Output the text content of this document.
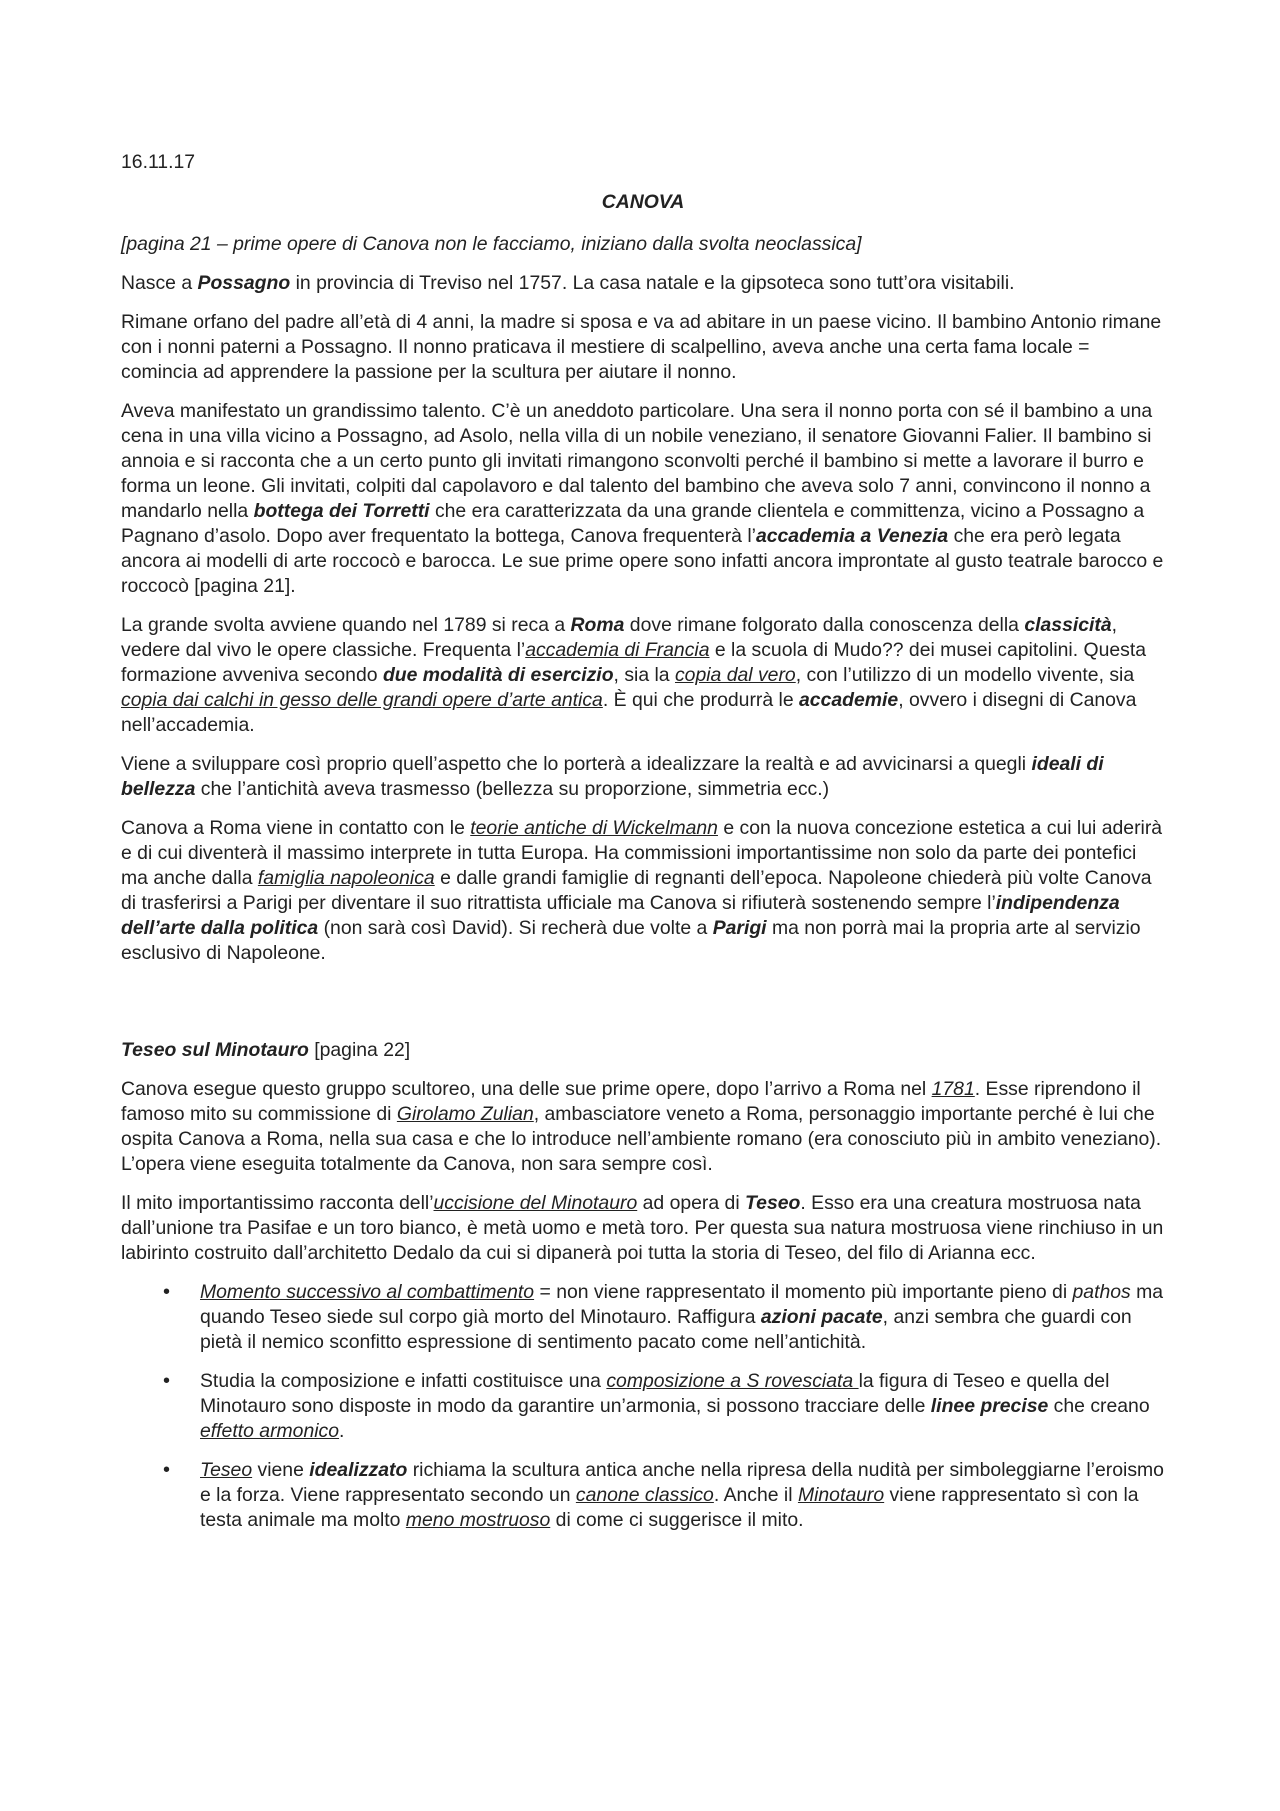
16.11.17
CANOVA

[pagina 21 – prime opere di Canova non le facciamo, iniziano dalla svolta neoclassica]

Nasce a Possagno in provincia di Treviso nel 1757. La casa natale e la gipsoteca sono tutt’ora visitabili.

Rimane orfano del padre all’età di 4 anni, la madre si sposa e va ad abitare in un paese vicino. Il bambino Antonio rimane con i nonni paterni a Possagno. Il nonno praticava il mestiere di scalpellino, aveva anche una certa fama locale = comincia ad apprendere la passione per la scultura per aiutare il nonno.

Aveva manifestato un grandissimo talento. C’è un aneddoto particolare. Una sera il nonno porta con sé il bambino a una cena in una villa vicino a Possagno, ad Asolo, nella villa di un nobile veneziano, il senatore Giovanni Falier. Il bambino si annoia e si racconta che a un certo punto gli invitati rimangono sconvolti perché il bambino si mette a lavorare il burro e forma un leone. Gli invitati, colpiti dal capolavoro e dal talento del bambino che aveva solo 7 anni, convincono il nonno a mandarlo nella bottega dei Torretti che era caratterizzata da una grande clientela e committenza, vicino a Possagno a Pagnano d’asolo. Dopo aver frequentato la bottega, Canova frequenterà l’accademia a Venezia che era però legata ancora ai modelli di arte roccocò e barocca. Le sue prime opere sono infatti ancora improntate al gusto teatrale barocco e roccocò [pagina 21].

La grande svolta avviene quando nel 1789 si reca a Roma dove rimane folgorato dalla conoscenza della classicità, vedere dal vivo le opere classiche. Frequenta l’accademia di Francia e la scuola di Mudo?? dei musei capitolini. Questa formazione avveniva secondo due modalità di esercizio, sia la copia dal vero, con l’utilizzo di un modello vivente, sia copia dai calchi in gesso delle grandi opere d’arte antica. È qui che produrrà le accademie, ovvero i disegni di Canova nell’accademia.

Viene a sviluppare così proprio quell’aspetto che lo porterà a idealizzare la realtà e ad avvicinarsi a quegli ideali di bellezza che l’antichità aveva trasmesso (bellezza su proporzione, simmetria ecc.)

Canova a Roma viene in contatto con le teorie antiche di Wickelmann e con la nuova concezione estetica a cui lui aderirà e di cui diventerà il massimo interprete in tutta Europa. Ha commissioni importantissime non solo da parte dei pontefici ma anche dalla famiglia napoleonica e dalle grandi famiglie di regnanti dell’epoca. Napoleone chiederà più volte Canova di trasferirsi a Parigi per diventare il suo ritrattista ufficiale ma Canova si rifiuterà sostenendo sempre l’indipendenza dell’arte dalla politica (non sarà così David). Si recherà due volte a Parigi ma non porrà mai la propria arte al servizio esclusivo di Napoleone.

Teseo sul Minotauro [pagina 22]

Canova esegue questo gruppo scultoreo, una delle sue prime opere, dopo l’arrivo a Roma nel 1781. Esse riprendono il famoso mito su commissione di Girolamo Zulian, ambasciatore veneto a Roma, personaggio importante perché è lui che ospita Canova a Roma, nella sua casa e che lo introduce nell’ambiente romano (era conosciuto più in ambito veneziano). L’opera viene eseguita totalmente da Canova, non sara sempre così.

Il mito importantissimo racconta dell’uccisione del Minotauro ad opera di Teseo. Esso era una creatura mostruosa nata dall’unione tra Pasifae e un toro bianco, è metà uomo e metà toro. Per questa sua natura mostruosa viene rinchiuso in un labirinto costruito dall’architetto Dedalo da cui si dipanerà poi tutta la storia di Teseo, del filo di Arianna ecc.

• Momento successivo al combattimento = non viene rappresentato il momento più importante pieno di pathos ma quando Teseo siede sul corpo già morto del Minotauro. Raffigura azioni pacate, anzi sembra che guardi con pietà il nemico sconfitto espressione di sentimento pacato come nell’antichità.
• Studia la composizione e infatti costituisce una composizione a S rovesciata la figura di Teseo e quella del Minotauro sono disposte in modo da garantire un’armonia, si possono tracciare delle linee precise che creano effetto armonico.
• Teseo viene idealizzato richiama la scultura antica anche nella ripresa della nudità per simboleggiarne l’eroismo e la forza. Viene rappresentato secondo un canone classico. Anche il Minotauro viene rappresentato sì con la testa animale ma molto meno mostruoso di come ci suggerisce il mito.
